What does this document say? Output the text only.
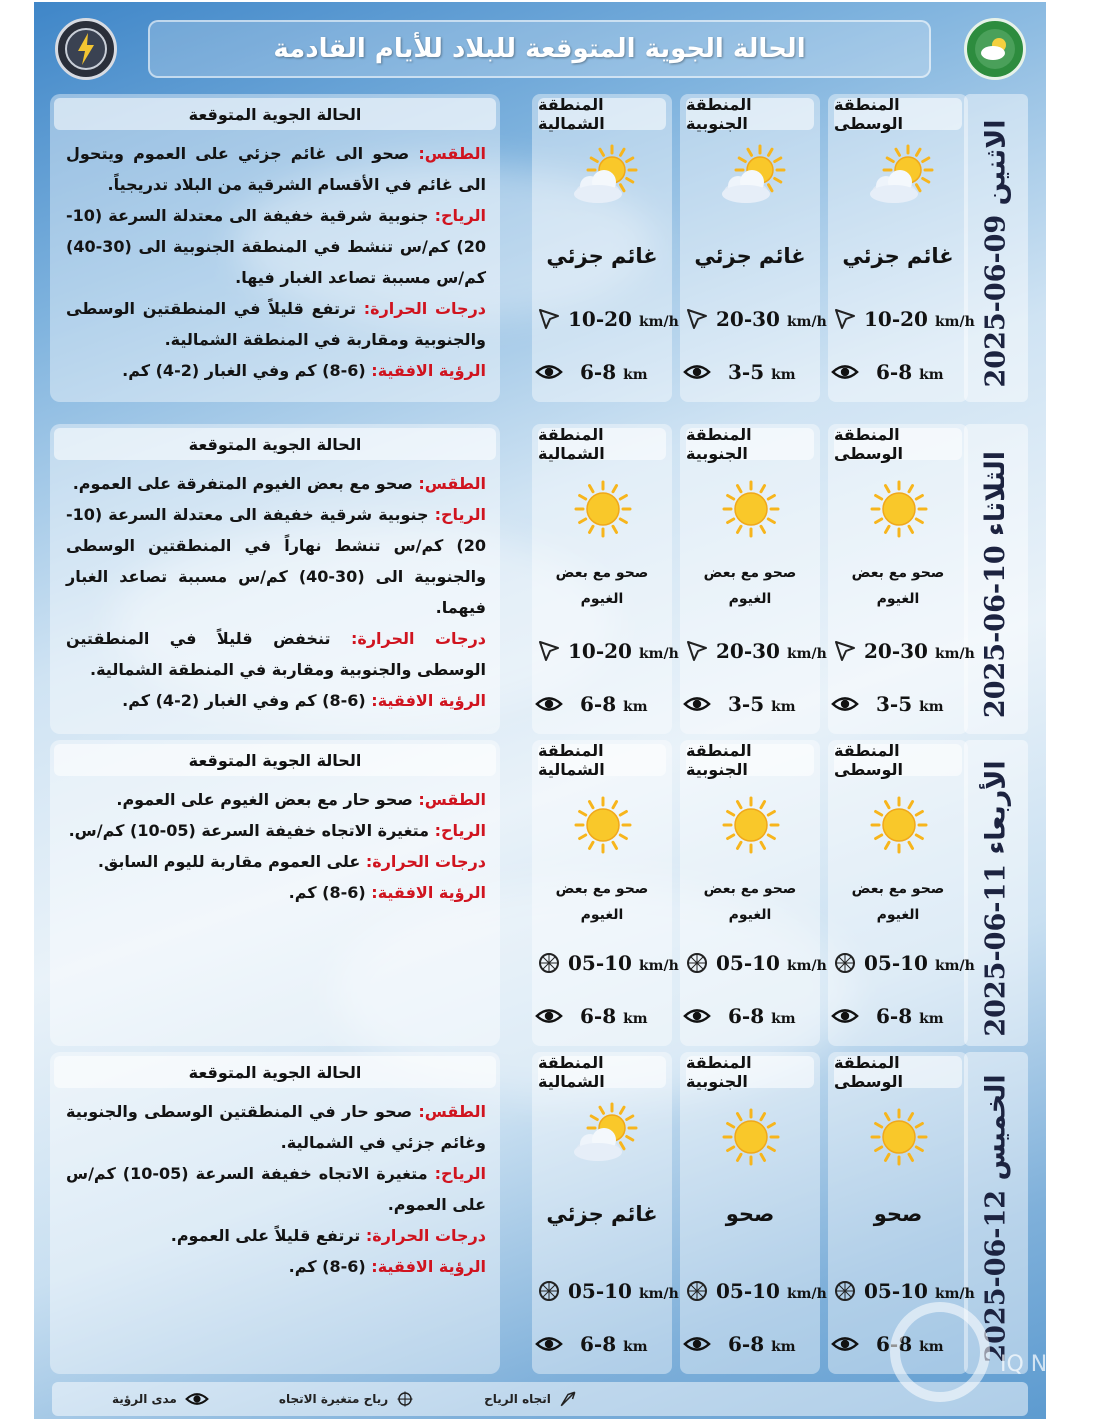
الحالة الجوية المتوقعة للبلاد للأيام القادمة
2025-06-09 الاثنين
المنطقة الوسطى
غائم جزئي
10-20 km/h
6-8 km
المنطقة الجنوبية
غائم جزئي
20-30 km/h
3-5 km
المنطقة الشمالية
غائم جزئي
10-20 km/h
6-8 km
الحالة الجوية المتوقعة
الطقس: صحو الى غائم جزئي على العموم ويتحول الى غائم في الأقسام الشرقية من البلاد تدريجياً.
الرياح: جنوبية شرقية خفيفة الى معتدلة السرعة (10-20) كم/س تنشط في المنطقة الجنوبية الى (30-40) كم/س مسببة تصاعد الغبار فيها.
درجات الحرارة: ترتفع قليلاً في المنطقتين الوسطى والجنوبية ومقاربة في المنطقة الشمالية.
الرؤية الافقية: (6-8) كم وفي الغبار (2-4) كم.
2025-06-10 الثلاثاء
المنطقة الوسطى
صحو مع بعض الغيوم
20-30 km/h
3-5 km
المنطقة الجنوبية
صحو مع بعض الغيوم
20-30 km/h
3-5 km
المنطقة الشمالية
صحو مع بعض الغيوم
10-20 km/h
6-8 km
الحالة الجوية المتوقعة
الطقس: صحو مع بعض الغيوم المتفرقة على العموم.
الرياح: جنوبية شرقية خفيفة الى معتدلة السرعة (10-20) كم/س تنشط نهاراً في المنطقتين الوسطى والجنوبية الى (30-40) كم/س مسببة تصاعد الغبار فيهما.
درجات الحرارة: تنخفض قليلاً في المنطقتين الوسطى والجنوبية ومقاربة في المنطقة الشمالية.
الرؤية الافقية: (6-8) كم وفي الغبار (2-4) كم.
2025-06-11 الأربعاء
المنطقة الوسطى
صحو مع بعض الغيوم
05-10 km/h
6-8 km
المنطقة الجنوبية
صحو مع بعض الغيوم
05-10 km/h
6-8 km
المنطقة الشمالية
صحو مع بعض الغيوم
05-10 km/h
6-8 km
الحالة الجوية المتوقعة
الطقس: صحو حار مع بعض الغيوم على العموم.
الرياح: متغيرة الاتجاه خفيفة السرعة (05-10) كم/س.
درجات الحرارة: على العموم مقاربة لليوم السابق.
الرؤية الافقية: (6-8) كم.
2025-06-12 الخميس
المنطقة الوسطى
صحو
05-10 km/h
6-8 km
المنطقة الجنوبية
صحو
05-10 km/h
6-8 km
المنطقة الشمالية
غائم جزئي
05-10 km/h
6-8 km
الحالة الجوية المتوقعة
الطقس: صحو حار في المنطقتين الوسطى والجنوبية وغائم جزئي في الشمالية.
الرياح: متغيرة الاتجاه خفيفة السرعة (05-10) كم/س على العموم.
درجات الحرارة: ترتفع قليلاً على العموم.
الرؤية الافقية: (6-8) كم.
اتجاه الرياح
رياح متغيرة الاتجاه
مدى الرؤية
IQ NEWS
